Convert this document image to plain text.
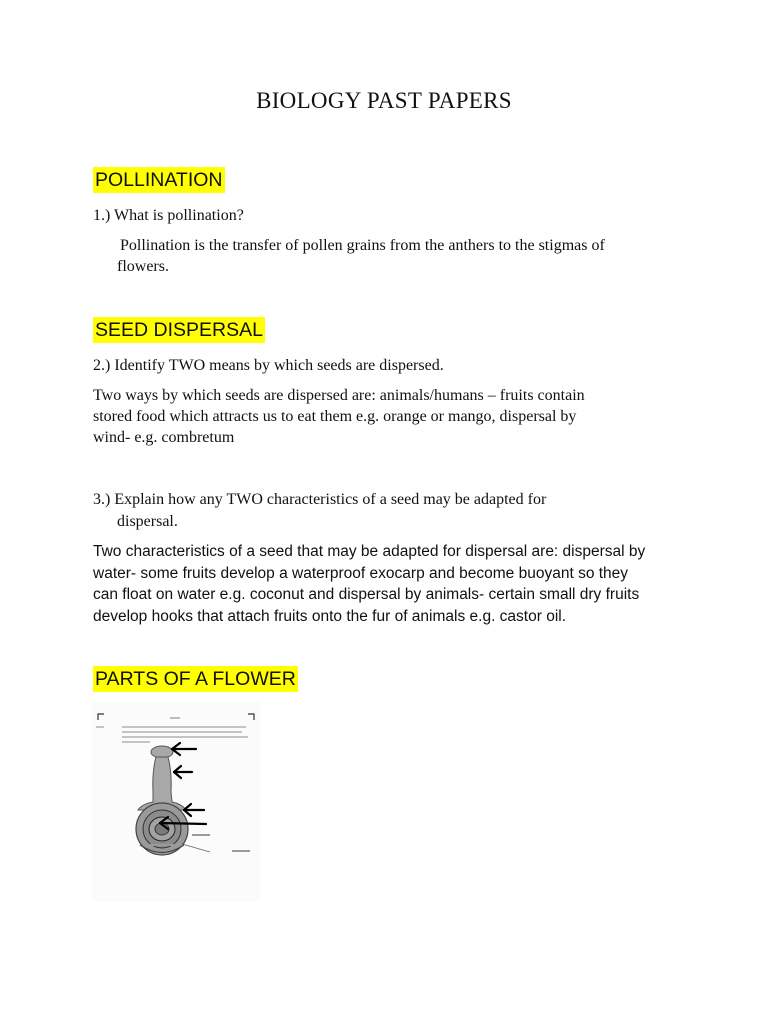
BIOLOGY PAST PAPERS
POLLINATION
1.) What is pollination?
Pollination is the transfer of pollen grains from the anthers to the stigmas of
flowers.
SEED DISPERSAL
2.) Identify TWO means by which seeds are dispersed.
Two ways by which seeds are dispersed are: animals/humans – fruits contain
stored food which attracts us to eat them e.g. orange or mango, dispersal by
wind- e.g. combretum
3.) Explain how any TWO characteristics of a seed may be adapted for
dispersal.
Two characteristics of a seed that may be adapted for dispersal are: dispersal by
water- some fruits develop a waterproof exocarp and become buoyant so they
can float on water e.g. coconut and dispersal by animals- certain small dry fruits
develop hooks that attach fruits onto the fur of animals e.g. castor oil.
PARTS OF A FLOWER
